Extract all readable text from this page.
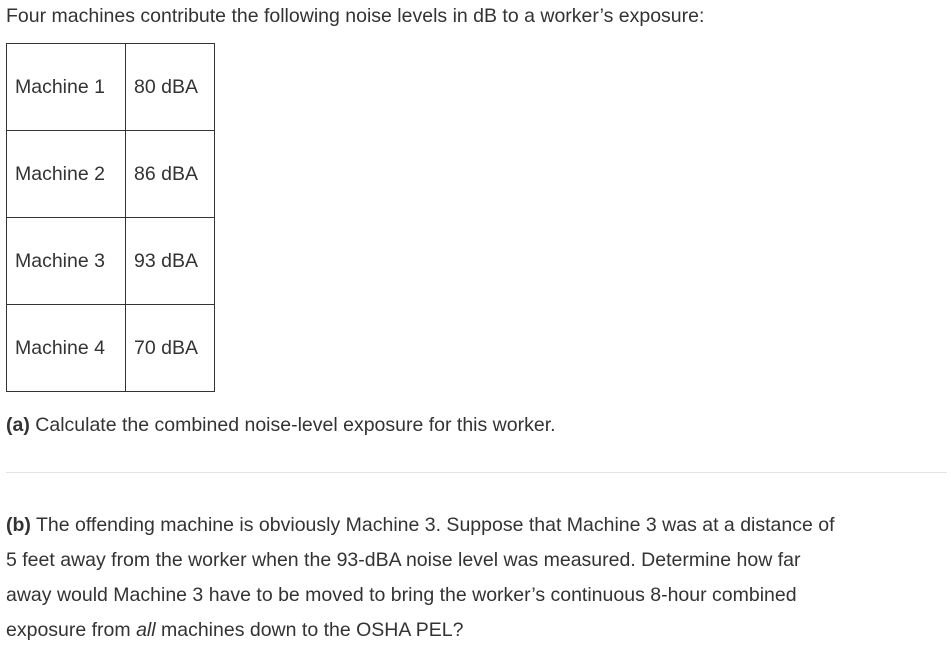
Four machines contribute the following noise levels in dB to a worker’s exposure:

Machine 1	80 dBA
Machine 2	86 dBA
Machine 3	93 dBA
Machine 4	70 dBA

(a) Calculate the combined noise-level exposure for this worker.

(b) The offending machine is obviously Machine 3. Suppose that Machine 3 was at a distance of
5 feet away from the worker when the 93-dBA noise level was measured. Determine how far
away would Machine 3 have to be moved to bring the worker’s continuous 8-hour combined
exposure from all machines down to the OSHA PEL?
